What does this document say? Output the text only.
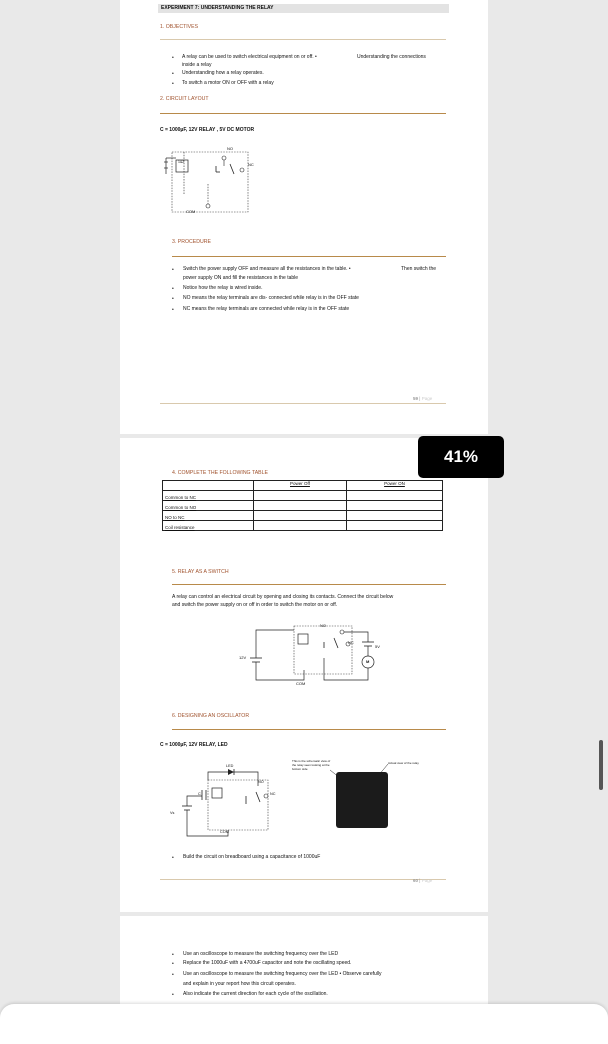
EXPERIMENT 7: UNDERSTANDING THE RELAY
1. OBJECTIVES
• A relay can be used to switch electrical equipment on or off. •	Understanding the connections
inside a relay
• Understanding how a relay operates.
• To switch a motor ON or OFF with a relay
2. CIRCUIT LAYOUT
C = 1000µF, 12V RELAY , 5V DC MOTOR
NO
NC
COM
1&2
3. PROCEDURE
• Switch the power supply OFF and measure all the resistances in the table. •	Then switch the
power supply ON and fill the resistances in the table
• Notice how the relay is wired inside.
• NO means the relay terminals are dis- connected while relay is in the OFF state
• NC means the relay terminals are connected while relay is in the OFF state
59 | Page
4. COMPLETE THE FOLLOWING TABLE
	Power Off	Power ON
Common to NC		
Common to NO		
NO to NC		
Coil resistance		
5. RELAY AS A SWITCH
A relay can control an electrical circuit by opening and closing its contacts. Connect the circuit below
and switch the power supply on or off in order to switch the motor on or off.
12V
5V
NO
NC
COM
M
6. DESIGNING AN OSCILLATOR
C = 1000µF, 12V RELAY, LED
LED
NO
NC
COM
C
Vs
This is the schematic view of
the relay seen looking at the
bottom side
Actual view of the relay
• Build the circuit on breadboard using a capacitance of 1000uF
60 | Page
• Use an oscilloscope to measure the switching frequency over the LED
• Replace the 1000uF with a 4700uF capacitor and note the oscillating speed.
• Use an oscilloscope to measure the switching frequency over the LED • Observe carefully
and explain in your report how this circuit operates.
• Also indicate the current direction for each cycle of the oscillation.
41%
